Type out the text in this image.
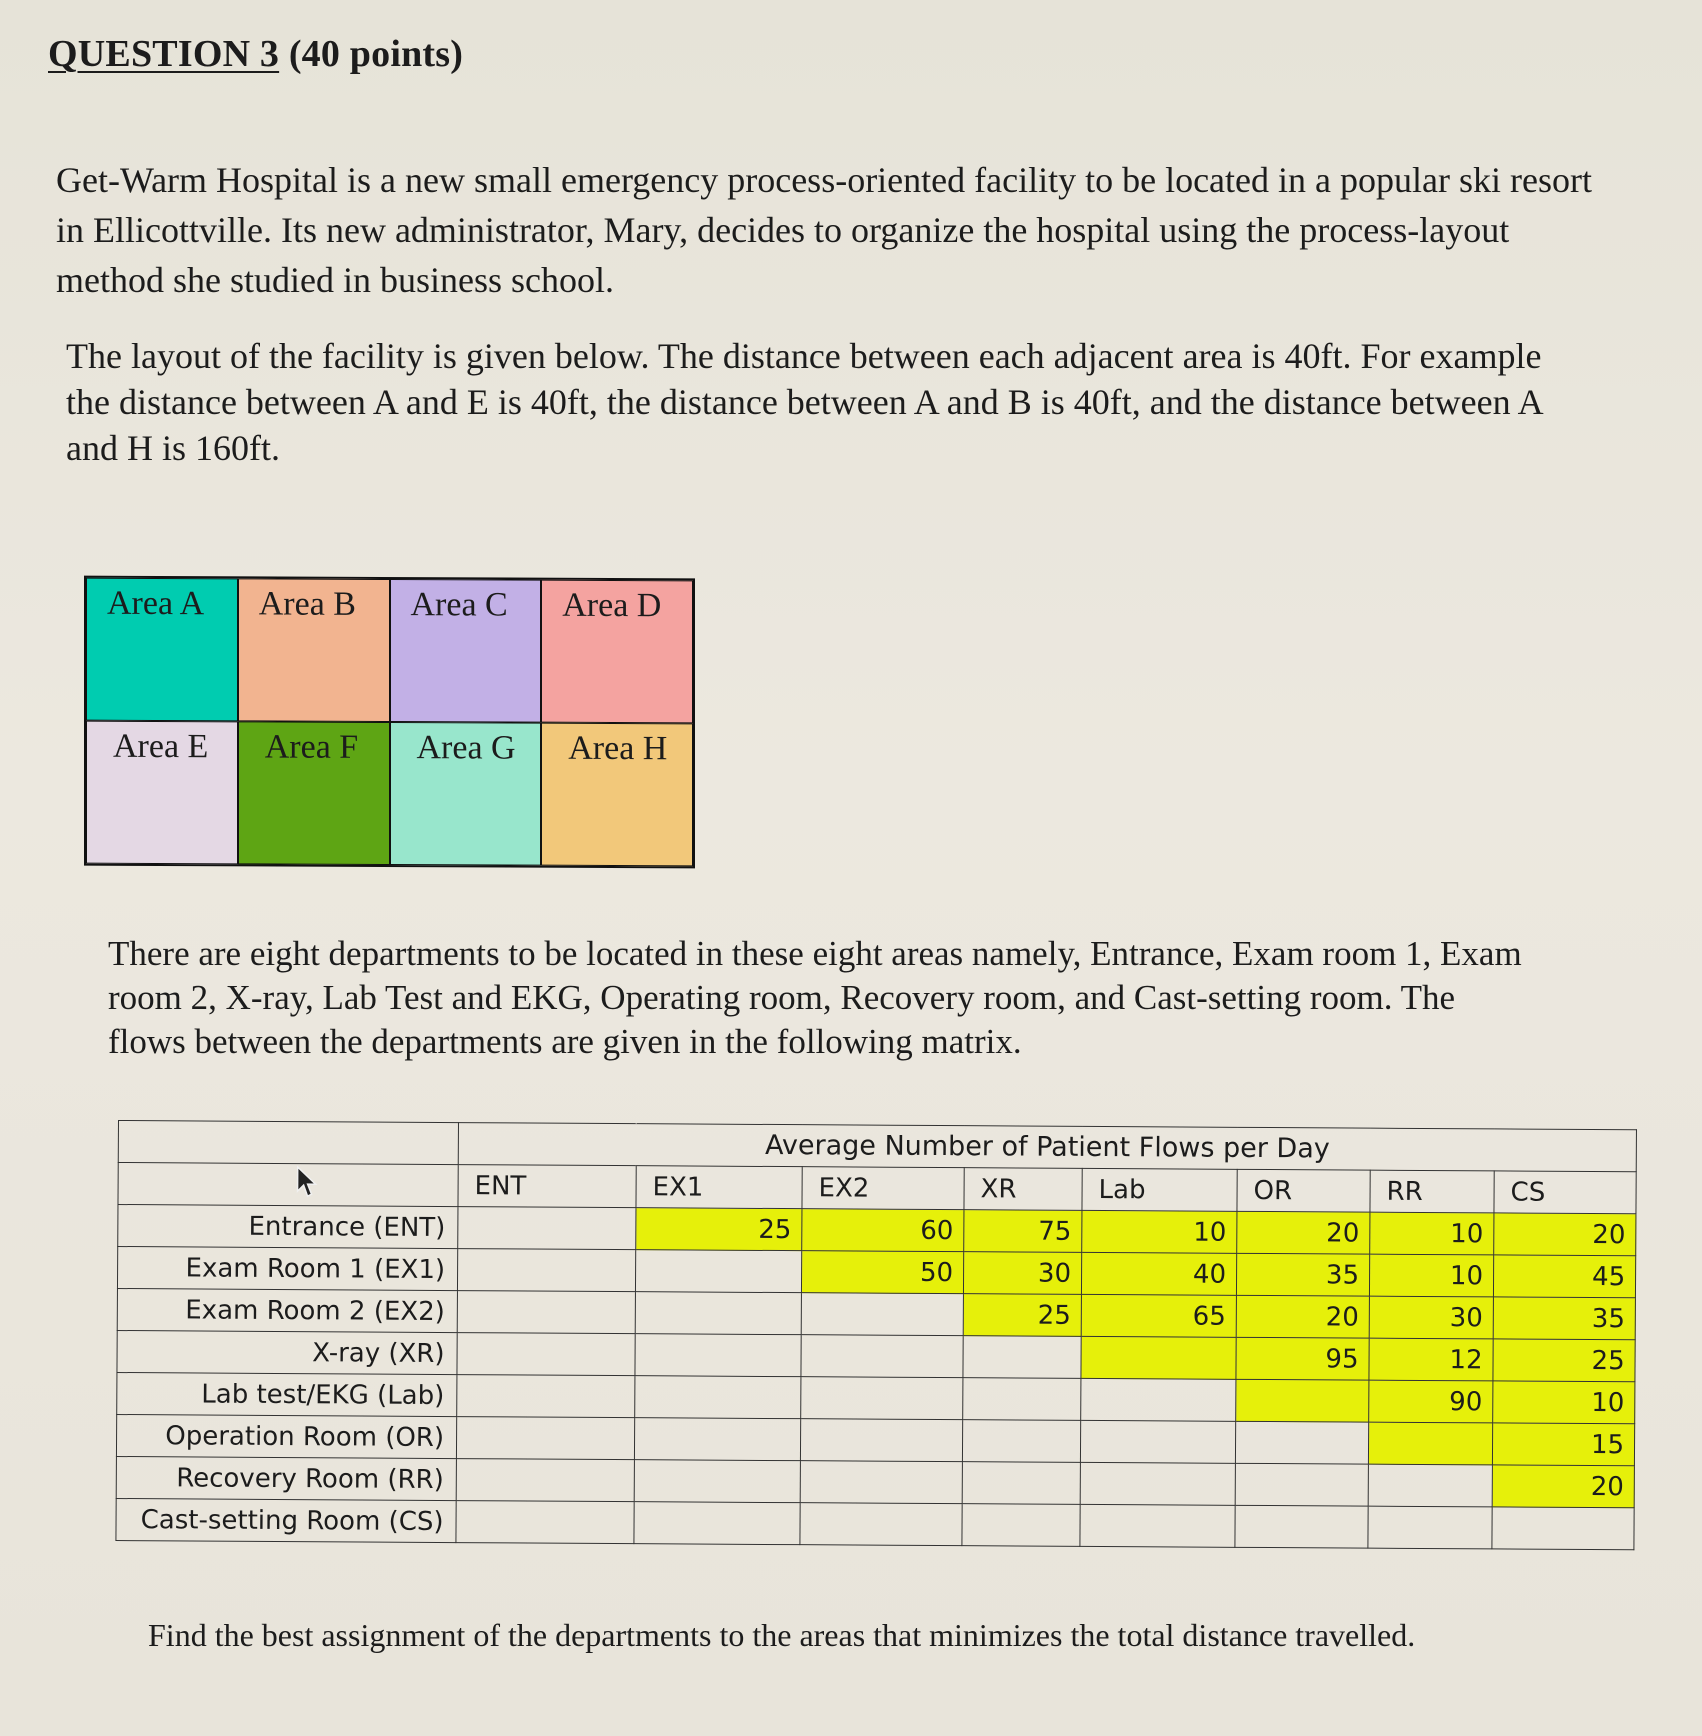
QUESTION 3 (40 points)

Get-Warm Hospital is a new small emergency process-oriented facility to be located in a popular ski resort in Ellicottville. Its new administrator, Mary, decides to organize the hospital using the process-layout method she studied in business school.

The layout of the facility is given below. The distance between each adjacent area is 40ft. For example the distance between A and E is 40ft, the distance between A and B is 40ft, and the distance between A and H is 160ft.

Area A	Area B	Area C	Area D
Area E	Area F	Area G	Area H

There are eight departments to be located in these eight areas namely, Entrance, Exam room 1, Exam room 2, X-ray, Lab Test and EKG, Operating room, Recovery room, and Cast-setting room. The flows between the departments are given in the following matrix.

	Average Number of Patient Flows per Day							
	ENT	EX1	EX2	XR	Lab	OR	RR	CS
Entrance (ENT)		25	60	75	10	20	10	20
Exam Room 1 (EX1)			50	30	40	35	10	45
Exam Room 2 (EX2)				25	65	20	30	35
X-ray (XR)						95	12	25
Lab test/EKG (Lab)							90	10
Operation Room (OR)								15
Recovery Room (RR)								20
Cast-setting Room (CS)								

Find the best assignment of the departments to the areas that minimizes the total distance travelled.
